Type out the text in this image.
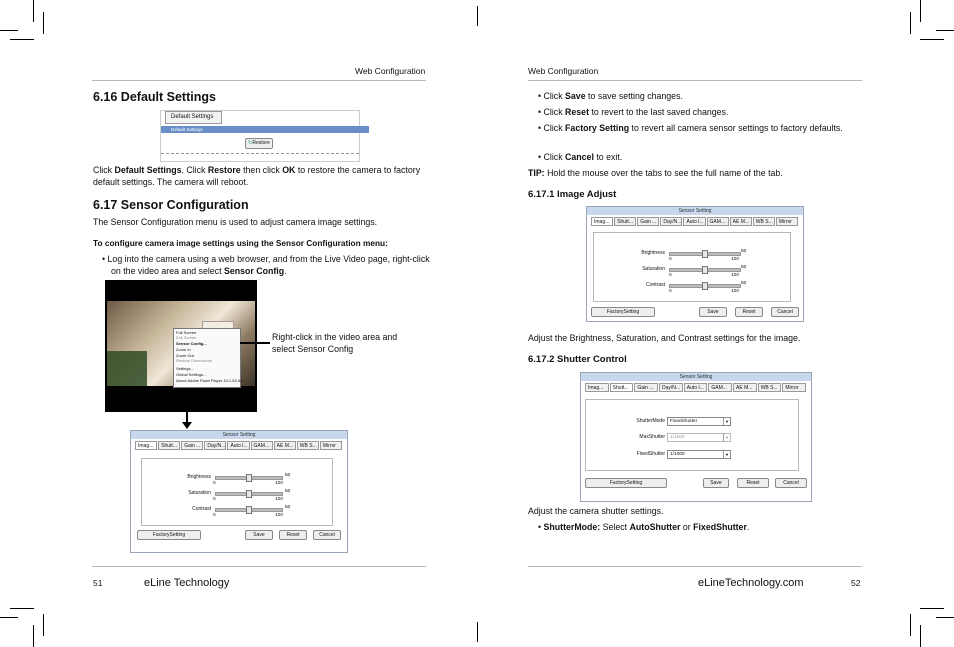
Web Configuration
6.16 Default Settings
Default Settings
Default Settings
↻Restore
Click Default Settings. Click Restore then click OK to restore the camera to factory default settings. The camera will reboot.
6.17 Sensor Configuration
The Sensor Configuration menu is used to adjust camera image settings.
To configure camera image settings using the Sensor Configuration menu:
• Log into the camera using a web browser, and from the Live Video page, right-click on the video area and select Sensor Config.
Full Screen
Exit Screen
Sensor Config...
Zoom In
Zoom Out
Restore Dimensions
Settings...
Global Settings...
About Adobe Flash Player 10.1.53.51...
Right-click in the video area and select Sensor Config
Sensor Setting
Imag...	Shutt...	Gain ...	Day/N...	Auto I...	GAM...	AE M...	WB S...	Mirror
Brightness	50
0	100
Saturation	50
0	100
Contrast	50
0	100
FactorySetting	Save	Reset	Cancel
51	eLine Technology
Web Configuration
• Click Save to save setting changes.
• Click Reset to revert to the last saved changes.
• Click Factory Setting to revert all camera sensor settings to factory defaults.
• Click Cancel to exit.
TIP: Hold the mouse over the tabs to see the full name of the tab.
6.17.1 Image Adjust
Sensor Setting
Imag...	Shutt...	Gain ...	Day/N...	Auto I...	GAM...	AE M...	WB S...	Mirror
Brightness	50
0	100
Saturation	50
0	100
Contrast	50
0	100
FactorySetting	Save	Reset	Cancel
Adjust the Brightness, Saturation, and Contrast settings for the image.
6.17.2 Shutter Control
Sensor Setting
Imag...	Shutt...	Gain ...	Day/N...	Auto I...	GAM...	AE M...	WB S...	Mirror
ShutterMode	FixedShutter	▼
MaxShutter	1/1000	▼
FixedShutter	1/1000	▼
FactorySetting	Save	Reset	Cancel
Adjust the camera shutter settings.
• ShutterMode: Select AutoShutter or FixedShutter.
eLineTechnology.com	52
